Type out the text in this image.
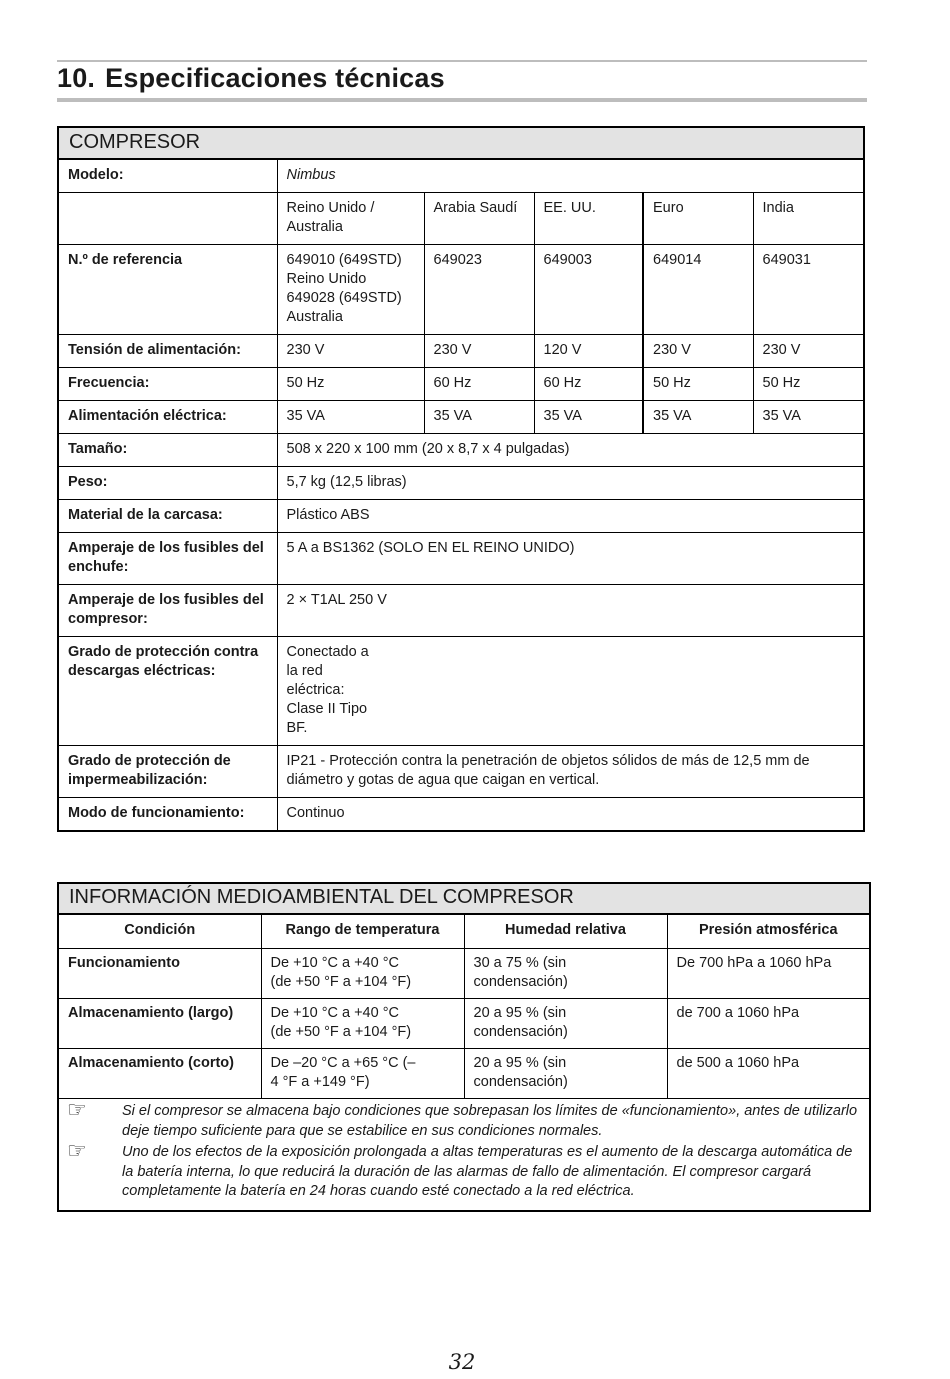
10. Especificaciones técnicas
COMPRESOR					
Modelo:	Nimbus				
	Reino Unido / Australia	Arabia Saudí	EE. UU.	Euro	India
N.º de referencia	649010 (649STD) Reino Unido 649028 (649STD) Australia	649023	649003	649014	649031
Tensión de alimentación:	230 V	230 V	120 V	230 V	230 V
Frecuencia:	50 Hz	60 Hz	60 Hz	50 Hz	50 Hz
Alimentación eléctrica:	35 VA	35 VA	35 VA	35 VA	35 VA
Tamaño:	508 x 220 x 100 mm (20 x 8,7 x 4 pulgadas)				
Peso:	5,7 kg (12,5 libras)				
Material de la carcasa:	Plástico ABS				
Amperaje de los fusibles del enchufe:	5 A a BS1362 (SOLO EN EL REINO UNIDO)				
Amperaje de los fusibles del compresor:	2 × T1AL 250 V				
Grado de protección contra descargas eléctricas:	Conectado a la red eléctrica: Clase II Tipo BF.				
Grado de protección de impermeabilización:	IP21 - Protección contra la penetración de objetos sólidos de más de 12,5 mm de diámetro y gotas de agua que caigan en vertical.				
Modo de funcionamiento:	Continuo				
INFORMACIÓN MEDIOAMBIENTAL DEL COMPRESOR			
Condición	Rango de temperatura	Humedad relativa	Presión atmosférica
Funcionamiento	De +10 °C a +40 °C (de +50 °F a +104 °F)	30 a 75 % (sin condensación)	De 700 hPa a 1060 hPa
Almacenamiento (largo)	De +10 °C a +40 °C (de +50 °F a +104 °F)	20 a 95 % (sin condensación)	de 700 a 1060 hPa
Almacenamiento (corto)	De –20 °C a +65 °C (–4 °F a +149 °F)	20 a 95 % (sin condensación)	de 500 a 1060 hPa

☞ Si el compresor se almacena bajo condiciones que sobrepasan los límites de «funcionamiento», antes de utilizarlo deje tiempo suficiente para que se estabilice en sus condiciones normales.
☞ Uno de los efectos de la exposición prolongada a altas temperaturas es el aumento de la descarga automática de la batería interna, lo que reducirá la duración de las alarmas de fallo de alimentación. El compresor cargará completamente la batería en 24 horas cuando esté conectado a la red eléctrica.			
32
